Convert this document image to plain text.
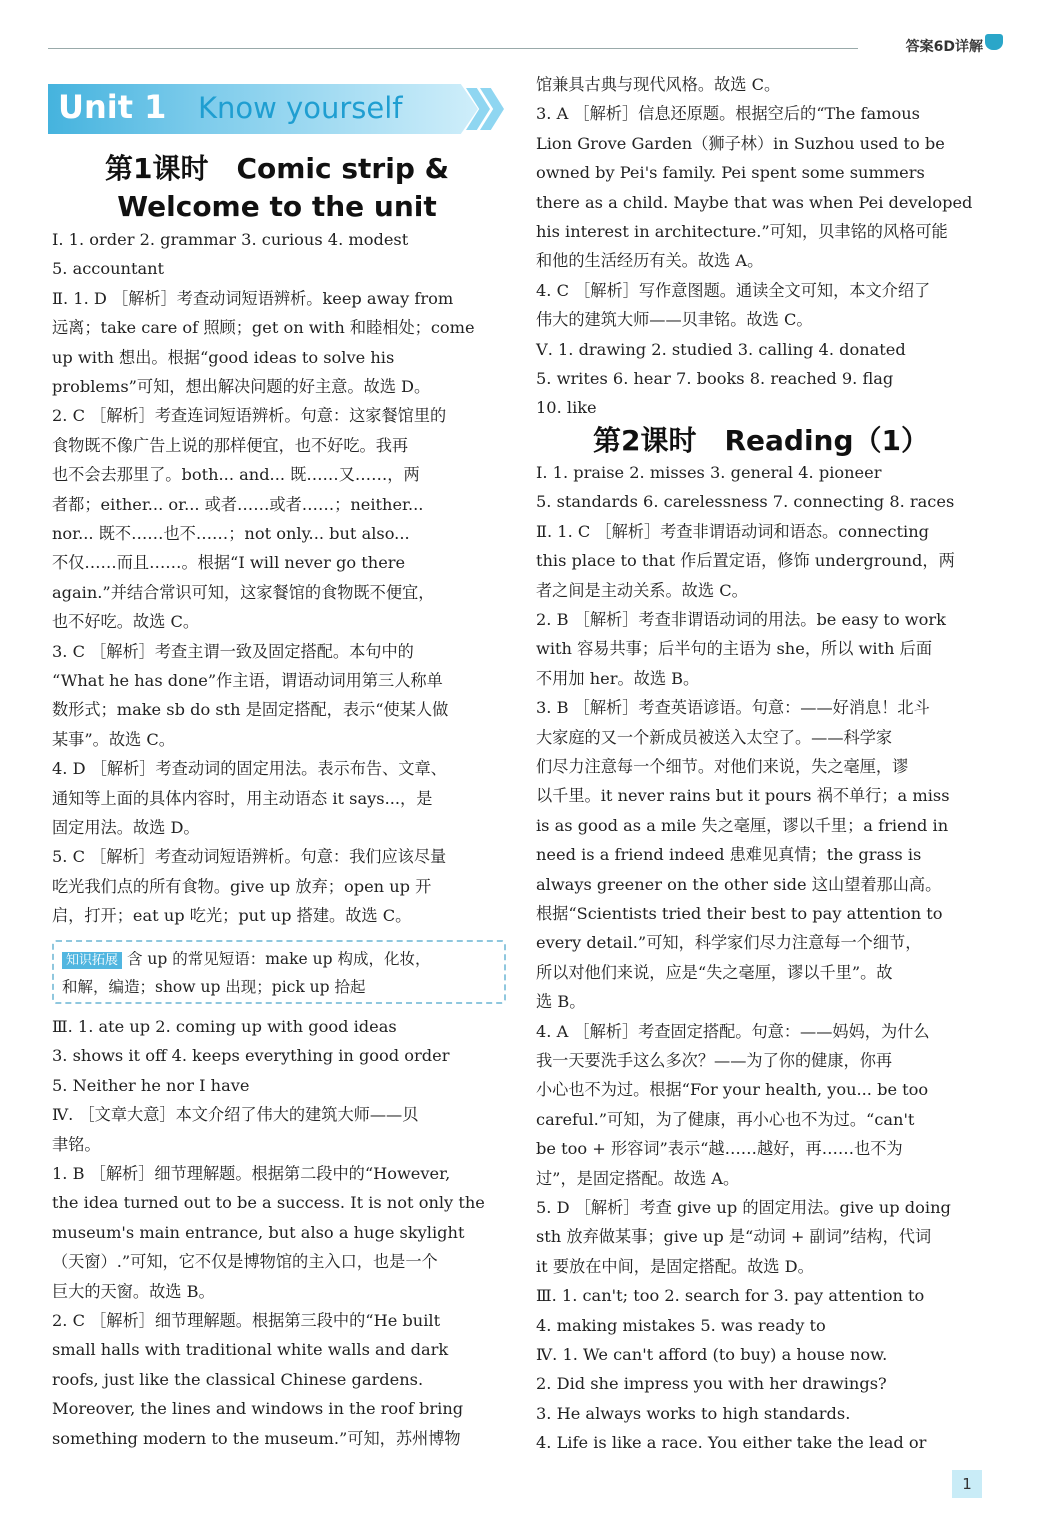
答案6D详解
Unit 1 Know yourself
第1课时　Comic strip &
Welcome to the unit
Ⅰ. 1. order 2. grammar 3. curious 4. modest
5. accountant
Ⅱ. 1. D ［解析］考查动词短语辨析。keep away from
远离；take care of 照顾；get on with 和睦相处；come
up with 想出。根据“good ideas to solve his
problems”可知，想出解决问题的好主意。故选 D。
2. C ［解析］考查连词短语辨析。句意：这家餐馆里的
食物既不像广告上说的那样便宜，也不好吃。我再
也不会去那里了。both... and... 既……又……，两
者都；either... or... 或者……或者……；neither...
nor... 既不……也不……；not only... but also...
不仅……而且……。根据“I will never go there
again.”并结合常识可知，这家餐馆的食物既不便宜，
也不好吃。故选 C。
3. C ［解析］考查主谓一致及固定搭配。本句中的
“What he has done”作主语，谓语动词用第三人称单
数形式；make sb do sth 是固定搭配，表示“使某人做
某事”。故选 C。
4. D ［解析］考查动词的固定用法。表示布告、文章、
通知等上面的具体内容时，用主动语态 it says...，是
固定用法。故选 D。
5. C ［解析］考查动词短语辨析。句意：我们应该尽量
吃光我们点的所有食物。give up 放弃；open up 开
启，打开；eat up 吃光；put up 搭建。故选 C。
知识拓展 含 up 的常见短语：make up 构成，化妆，
和解，编造；show up 出现；pick up 拾起
Ⅲ. 1. ate up 2. coming up with good ideas
3. shows it off 4. keeps everything in good order
5. Neither he nor I have
Ⅳ. ［文章大意］本文介绍了伟大的建筑大师——贝
聿铭。
1. B ［解析］细节理解题。根据第二段中的“However,
the idea turned out to be a success. It is not only the
museum's main entrance, but also a huge skylight
（天窗）.”可知，它不仅是博物馆的主入口，也是一个
巨大的天窗。故选 B。
2. C ［解析］细节理解题。根据第三段中的“He built
small halls with traditional white walls and dark
roofs, just like the classical Chinese gardens.
Moreover, the lines and windows in the roof bring
something modern to the museum.”可知，苏州博物
馆兼具古典与现代风格。故选 C。
3. A ［解析］信息还原题。根据空后的“The famous
Lion Grove Garden（狮子林）in Suzhou used to be
owned by Pei's family. Pei spent some summers
there as a child. Maybe that was when Pei developed
his interest in architecture.”可知，贝聿铭的风格可能
和他的生活经历有关。故选 A。
4. C ［解析］写作意图题。通读全文可知，本文介绍了
伟大的建筑大师——贝聿铭。故选 C。
Ⅴ. 1. drawing 2. studied 3. calling 4. donated
5. writes 6. hear 7. books 8. reached 9. flag
10. like
第2课时　Reading（1）
Ⅰ. 1. praise 2. misses 3. general 4. pioneer
5. standards 6. carelessness 7. connecting 8. races
Ⅱ. 1. C ［解析］考查非谓语动词和语态。connecting
this place to that 作后置定语，修饰 underground，两
者之间是主动关系。故选 C。
2. B ［解析］考查非谓语动词的用法。be easy to work
with 容易共事；后半句的主语为 she，所以 with 后面
不用加 her。故选 B。
3. B ［解析］考查英语谚语。句意：——好消息！北斗
大家庭的又一个新成员被送入太空了。——科学家
们尽力注意每一个细节。对他们来说，失之毫厘，谬
以千里。it never rains but it pours 祸不单行；a miss
is as good as a mile 失之毫厘，谬以千里；a friend in
need is a friend indeed 患难见真情；the grass is
always greener on the other side 这山望着那山高。
根据“Scientists tried their best to pay attention to
every detail.”可知，科学家们尽力注意每一个细节，
所以对他们来说，应是“失之毫厘，谬以千里”。故
选 B。
4. A ［解析］考查固定搭配。句意：——妈妈，为什么
我一天要洗手这么多次？——为了你的健康，你再
小心也不为过。根据“For your health, you... be too
careful.”可知，为了健康，再小心也不为过。“can't
be too + 形容词”表示“越……越好，再……也不为
过”，是固定搭配。故选 A。
5. D ［解析］考查 give up 的固定用法。give up doing
sth 放弃做某事；give up 是“动词 + 副词”结构，代词
it 要放在中间，是固定搭配。故选 D。
Ⅲ. 1. can't; too 2. search for 3. pay attention to
4. making mistakes 5. was ready to
Ⅳ. 1. We can't afford (to buy) a house now.
2. Did she impress you with her drawings?
3. He always works to high standards.
4. Life is like a race. You either take the lead or
1
